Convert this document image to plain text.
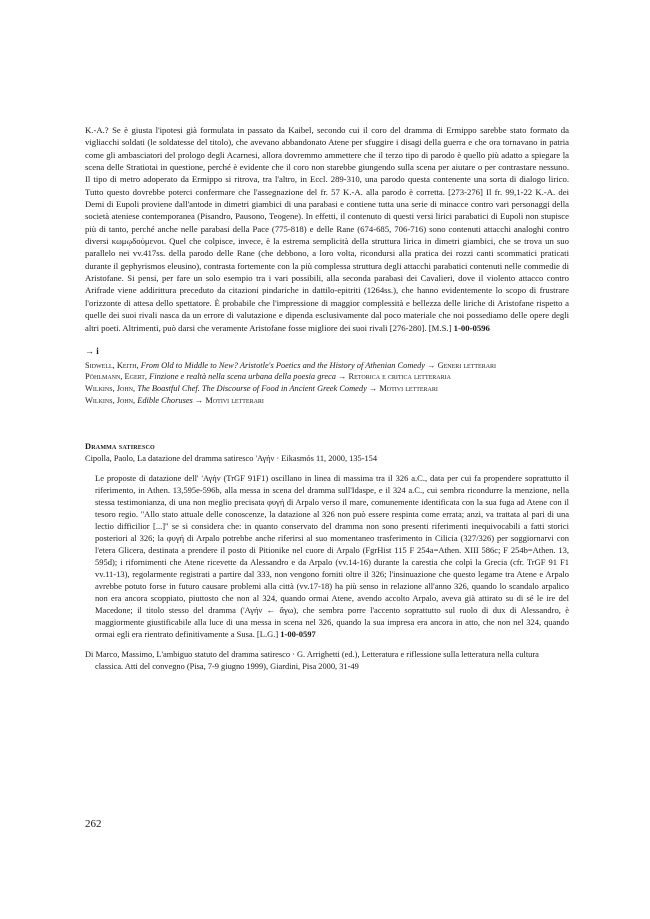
K.-A.? Se è giusta l'ipotesi già formulata in passato da Kaibel, secondo cui il coro del dramma di Ermippo sarebbe stato formato da vigliacchi soldati (le soldatesse del titolo), che avevano abbandonato Atene per sfuggire i disagi della guerra e che ora tornavano in patria come gli ambasciatori del prologo degli Acarnesi, allora dovremmo ammettere che il terzo tipo di parodo è quello più adatto a spiegare la scena delle Stratiotai in questione, perché è evidente che il coro non starebbe giungendo sulla scena per aiutare o per contrastare nessuno. Il tipo di metro adoperato da Ermippo si ritrova, tra l'altro, in Eccl. 289-310, una parodo questa contenente una sorta di dialogo lirico. Tutto questo dovrebbe poterci confermare che l'assegnazione del fr. 57 K.-A. alla parodo è corretta. [273-276] Il fr. 99,1-22 K.-A. dei Demi di Eupoli proviene dall'antode in dimetri giambici di una parabasi e contiene tutta una serie di minacce contro vari personaggi della società ateniese contemporanea (Pisandro, Pausono, Teogene). In effetti, il contenuto di questi versi lirici parabatici di Eupoli non stupisce più di tanto, perché anche nelle parabasi della Pace (775-818) e delle Rane (674-685, 706-716) sono contenuti attacchi analoghi contro diversi κωμῳδούμενοι. Quel che colpisce, invece, è la estrema semplicità della struttura lirica in dimetri giambici, che se trova un suo parallelo nei vv.417ss. della parodo delle Rane (che debbono, a loro volta, ricondursi alla pratica dei rozzi canti scommatici praticati durante il gephyrismos eleusino), contrasta fortemente con la più complessa struttura degli attacchi parabatici contenuti nelle commedie di Aristofane. Si pensi, per fare un solo esempio tra i vari possibili, alla seconda parabasi dei Cavalieri, dove il violento attacco contro Arifrade viene addirittura preceduto da citazioni pindariche in dattilo-epitriti (1264ss.), che hanno evidentemente lo scopo di frustrare l'orizzonte di attesa dello spettatore. È probabile che l'impressione di maggior complessità e bellezza delle liriche di Aristofane rispetto a quelle dei suoi rivali nasca da un errore di valutazione e dipenda esclusivamente dal poco materiale che noi possediamo delle opere degli altri poeti. Altrimenti, può darsi che veramente Aristofane fosse migliore dei suoi rivali [276-280]. [M.S.] 1-00-0596

→ i
Sidwell, Keith, From Old to Middle to New? Aristotle's Poetics and the History of Athenian Comedy → Generi letterari
Pöhlmann, Egert, Finzione e realtà nella scena urbana della poesia greca → Retorica e critica letteraria
Wilkins, John, The Boastful Chef. The Discourse of Food in Ancient Greek Comedy → Motivi letterari
Wilkins, John, Edible Choruses → Motivi letterari
Dramma satiresco
Cipolla, Paolo, La datazione del dramma satiresco 'Αγήν · Eikasmós 11, 2000, 135-154

Le proposte di datazione dell' 'Αγήν (TrGF 91F1) oscillano in linea di massima tra il 326 a.C., data per cui fa propendere soprattutto il riferimento, in Athen. 13,595e-596b, alla messa in scena del dramma sull'Idaspe, e il 324 a.C., cui sembra ricondurre la menzione, nella stessa testimonianza, di una non meglio precisata φυγή di Arpalo verso il mare, comunemente identificata con la sua fuga ad Atene con il tesoro regio. "Allo stato attuale delle conoscenze, la datazione al 326 non può essere respinta come errata; anzi, va trattata al pari di una lectio difficilior [...]" se si considera che: in quanto conservato del dramma non sono presenti riferimenti inequivocabili a fatti storici posteriori al 326; la φυγή di Arpalo potrebbe anche riferirsi al suo momentaneo trasferimento in Cilicia (327/326) per soggiornarvi con l'etera Glicera, destinata a prendere il posto di Pitionike nel cuore di Arpalo (FgrHist 115 F 254a=Athen. XIII 586c; F 254b=Athen. 13, 595d); i rifornimenti che Atene ricevette da Alessandro e da Arpalo (vv.14-16) durante la carestia che colpì la Grecia (cfr. TrGF 91 F1 vv.11-13), regolarmente registrati a partire dal 333, non vengono forniti oltre il 326; l'insinuazione che questo legame tra Atene e Arpalo avrebbe potuto forse in futuro causare problemi alla città (vv.17-18) ha più senso in relazione all'anno 326, quando lo scandalo arpalico non era ancora scoppiato, piuttosto che non al 324, quando ormai Atene, avendo accolto Arpalo, aveva già attirato su di sé le ire del Macedone; il titolo stesso del dramma ('Αγήν ← ἄγω), che sembra porre l'accento soprattutto sul ruolo di dux di Alessandro, è maggiormente giustificabile alla luce di una messa in scena nel 326, quando la sua impresa era ancora in atto, che non nel 324, quando ormai egli era rientrato definitivamente a Susa. [L.G.] 1-00-0597

Di Marco, Massimo, L'ambiguo statuto del dramma satiresco · G. Arrighetti (ed.), Letteratura e riflessione sulla letteratura nella cultura classica. Atti del convegno (Pisa, 7-9 giugno 1999), Giardini, Pisa 2000, 31-49
262
